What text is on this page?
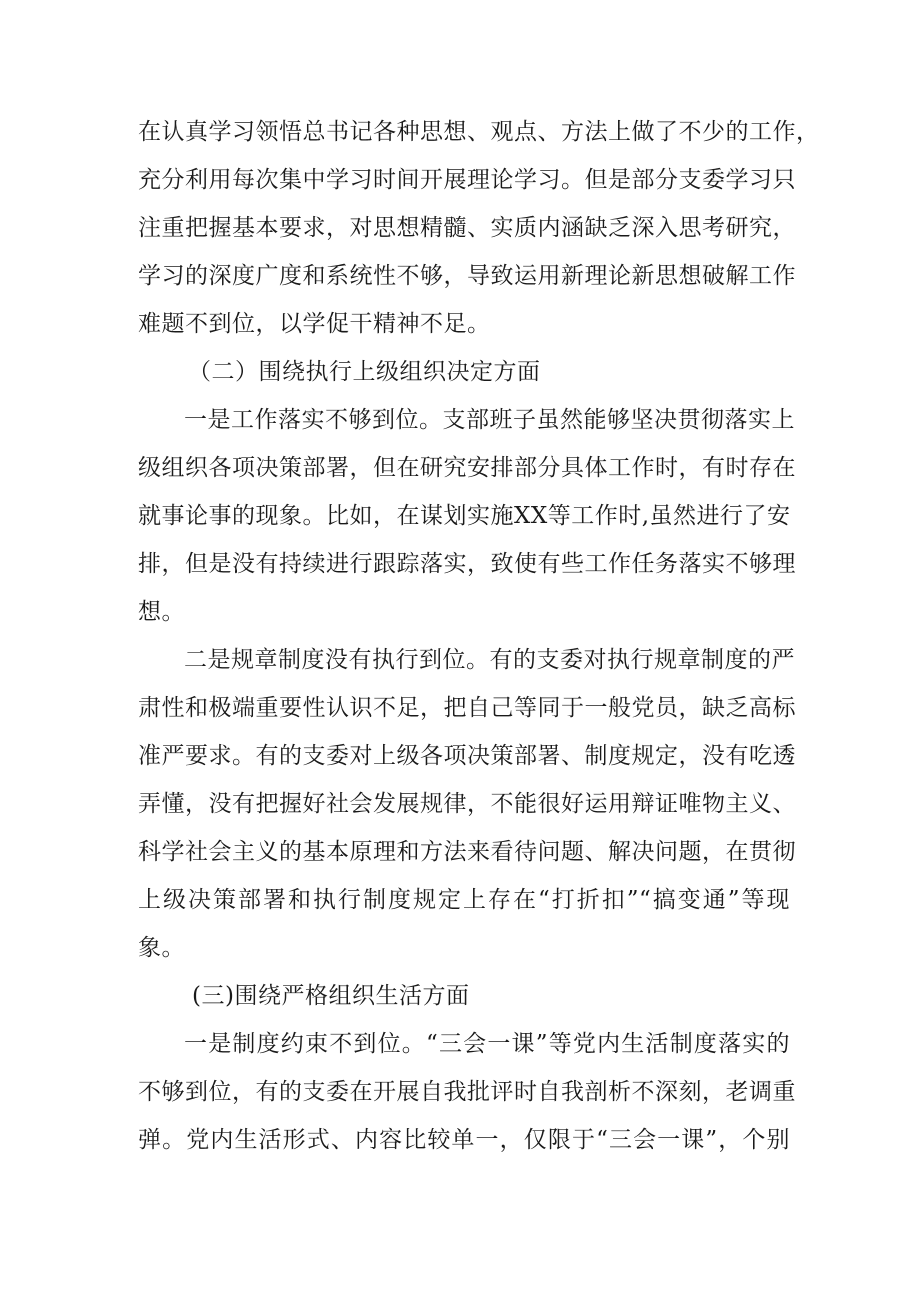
在认真学习领悟总书记各种思想、观点、方法上做了不少的工作，
充分利用每次集中学习时间开展理论学习。但是部分支委学习只
注重把握基本要求，对思想精髓、实质内涵缺乏深入思考研究，
学习的深度广度和系统性不够，导致运用新理论新思想破解工作
难题不到位，以学促干精神不足。
（二）围绕执行上级组织决定方面
一是工作落实不够到位。支部班子虽然能够坚决贯彻落实上
级组织各项决策部署，但在研究安排部分具体工作时，有时存在
就事论事的现象。比如，在谋划实施XX等工作时,虽然进行了安
排，但是没有持续进行跟踪落实，致使有些工作任务落实不够理
想。
二是规章制度没有执行到位。有的支委对执行规章制度的严
肃性和极端重要性认识不足，把自己等同于一般党员，缺乏高标
准严要求。有的支委对上级各项决策部署、制度规定，没有吃透
弄懂，没有把握好社会发展规律，不能很好运用辩证唯物主义、
科学社会主义的基本原理和方法来看待问题、解决问题，在贯彻
上级决策部署和执行制度规定上存在“打折扣”“搞变通”等现
象。
(三)围绕严格组织生活方面
一是制度约束不到位。“三会一课”等党内生活制度落实的
不够到位，有的支委在开展自我批评时自我剖析不深刻，老调重
弹。党内生活形式、内容比较单一，仅限于“三会一课”，个别
